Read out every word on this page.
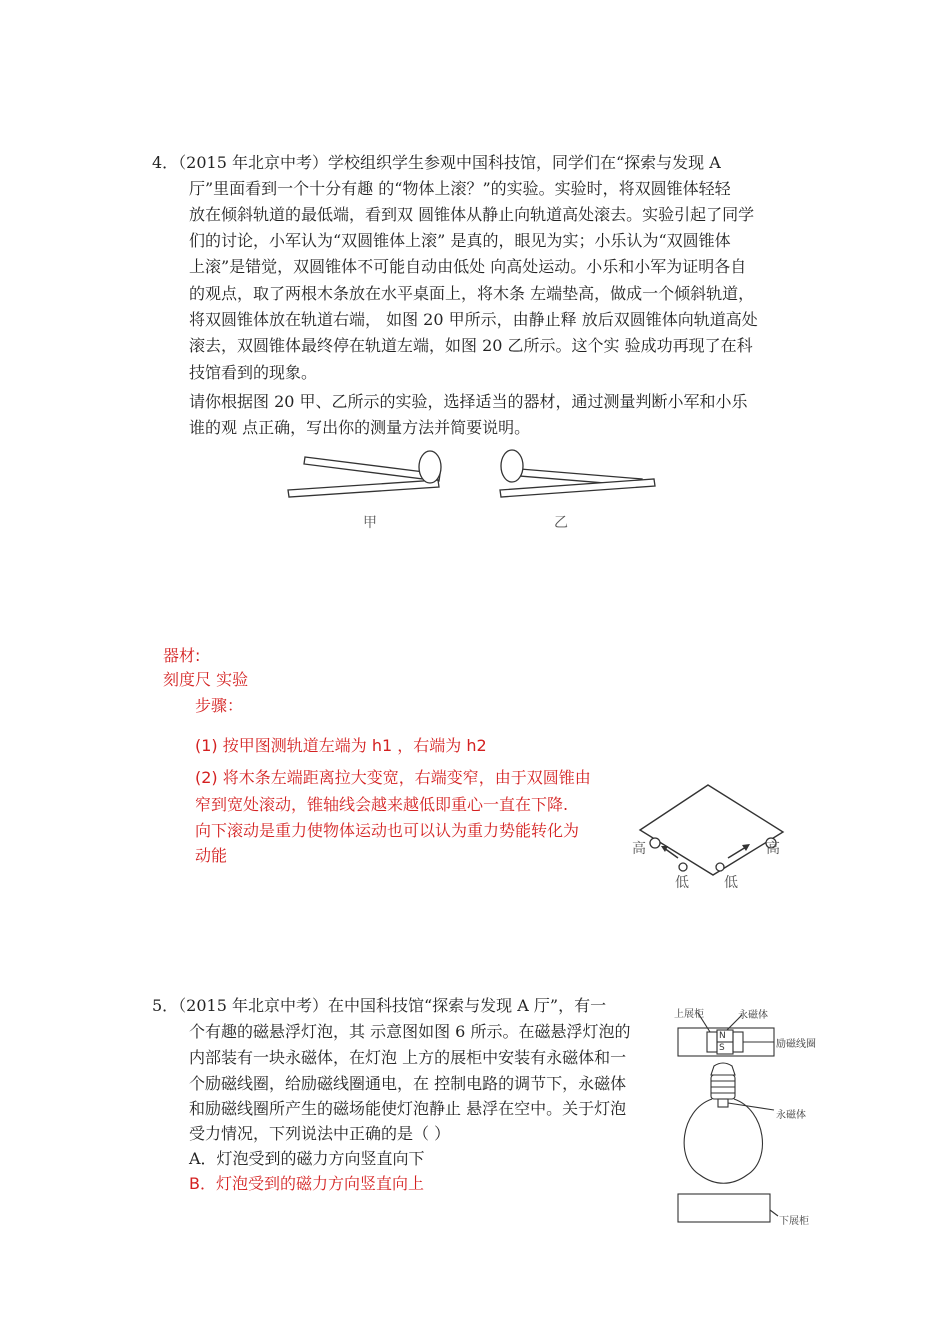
4．（2015 年北京中考）学校组织学生参观中国科技馆，同学们在“探索与发现 A
厅”里面看到一个十分有趣 的“物体上滚？”的实验。实验时，将双圆锥体轻轻
放在倾斜轨道的最低端，看到双 圆锥体从静止向轨道高处滚去。实验引起了同学
们的讨论，小军认为“双圆锥体上滚” 是真的，眼见为实；小乐认为“双圆锥体
上滚”是错觉，双圆锥体不可能自动由低处 向高处运动。小乐和小军为证明各自
的观点，取了两根木条放在水平桌面上，将木条 左端垫高，做成一个倾斜轨道，
将双圆锥体放在轨道右端， 如图 20 甲所示，由静止释 放后双圆锥体向轨道高处
滚去，双圆锥体最终停在轨道左端，如图 20 乙所示。这个实 验成功再现了在科
技馆看到的现象。
请你根据图 20 甲、乙所示的实验，选择适当的器材，通过测量判断小军和小乐
谁的观 点正确，写出你的测量方法并简要说明。
甲	乙
器材:
刻度尺 实验
步骤：
(1) 按甲图测轨道左端为 h1 ，右端为 h2
(2) 将木条左端距离拉大变宽，右端变窄，由于双圆锥由
窄到宽处滚动，锥轴线会越来越低即重心一直在下降.
向下滚动是重力使物体运动也可以认为重力势能转化为
动能	高	高
低	低
5．（2015 年北京中考）在中国科技馆“探索与发现 A 厅”，有一
个有趣的磁悬浮灯泡，其 示意图如图 6 所示。在磁悬浮灯泡的
内部装有一块永磁体，在灯泡 上方的展柜中安装有永磁体和一
个励磁线圈，给励磁线圈通电，在 控制电路的调节下，永磁体
和励磁线圈所产生的磁场能使灯泡静止 悬浮在空中。关于灯泡
受力情况，下列说法中正确的是（ ）
A．灯泡受到的磁力方向竖直向下
B．灯泡受到的磁力方向竖直向上
上展柜	永磁体
励磁线圈
N
S
永磁体
下展柜
